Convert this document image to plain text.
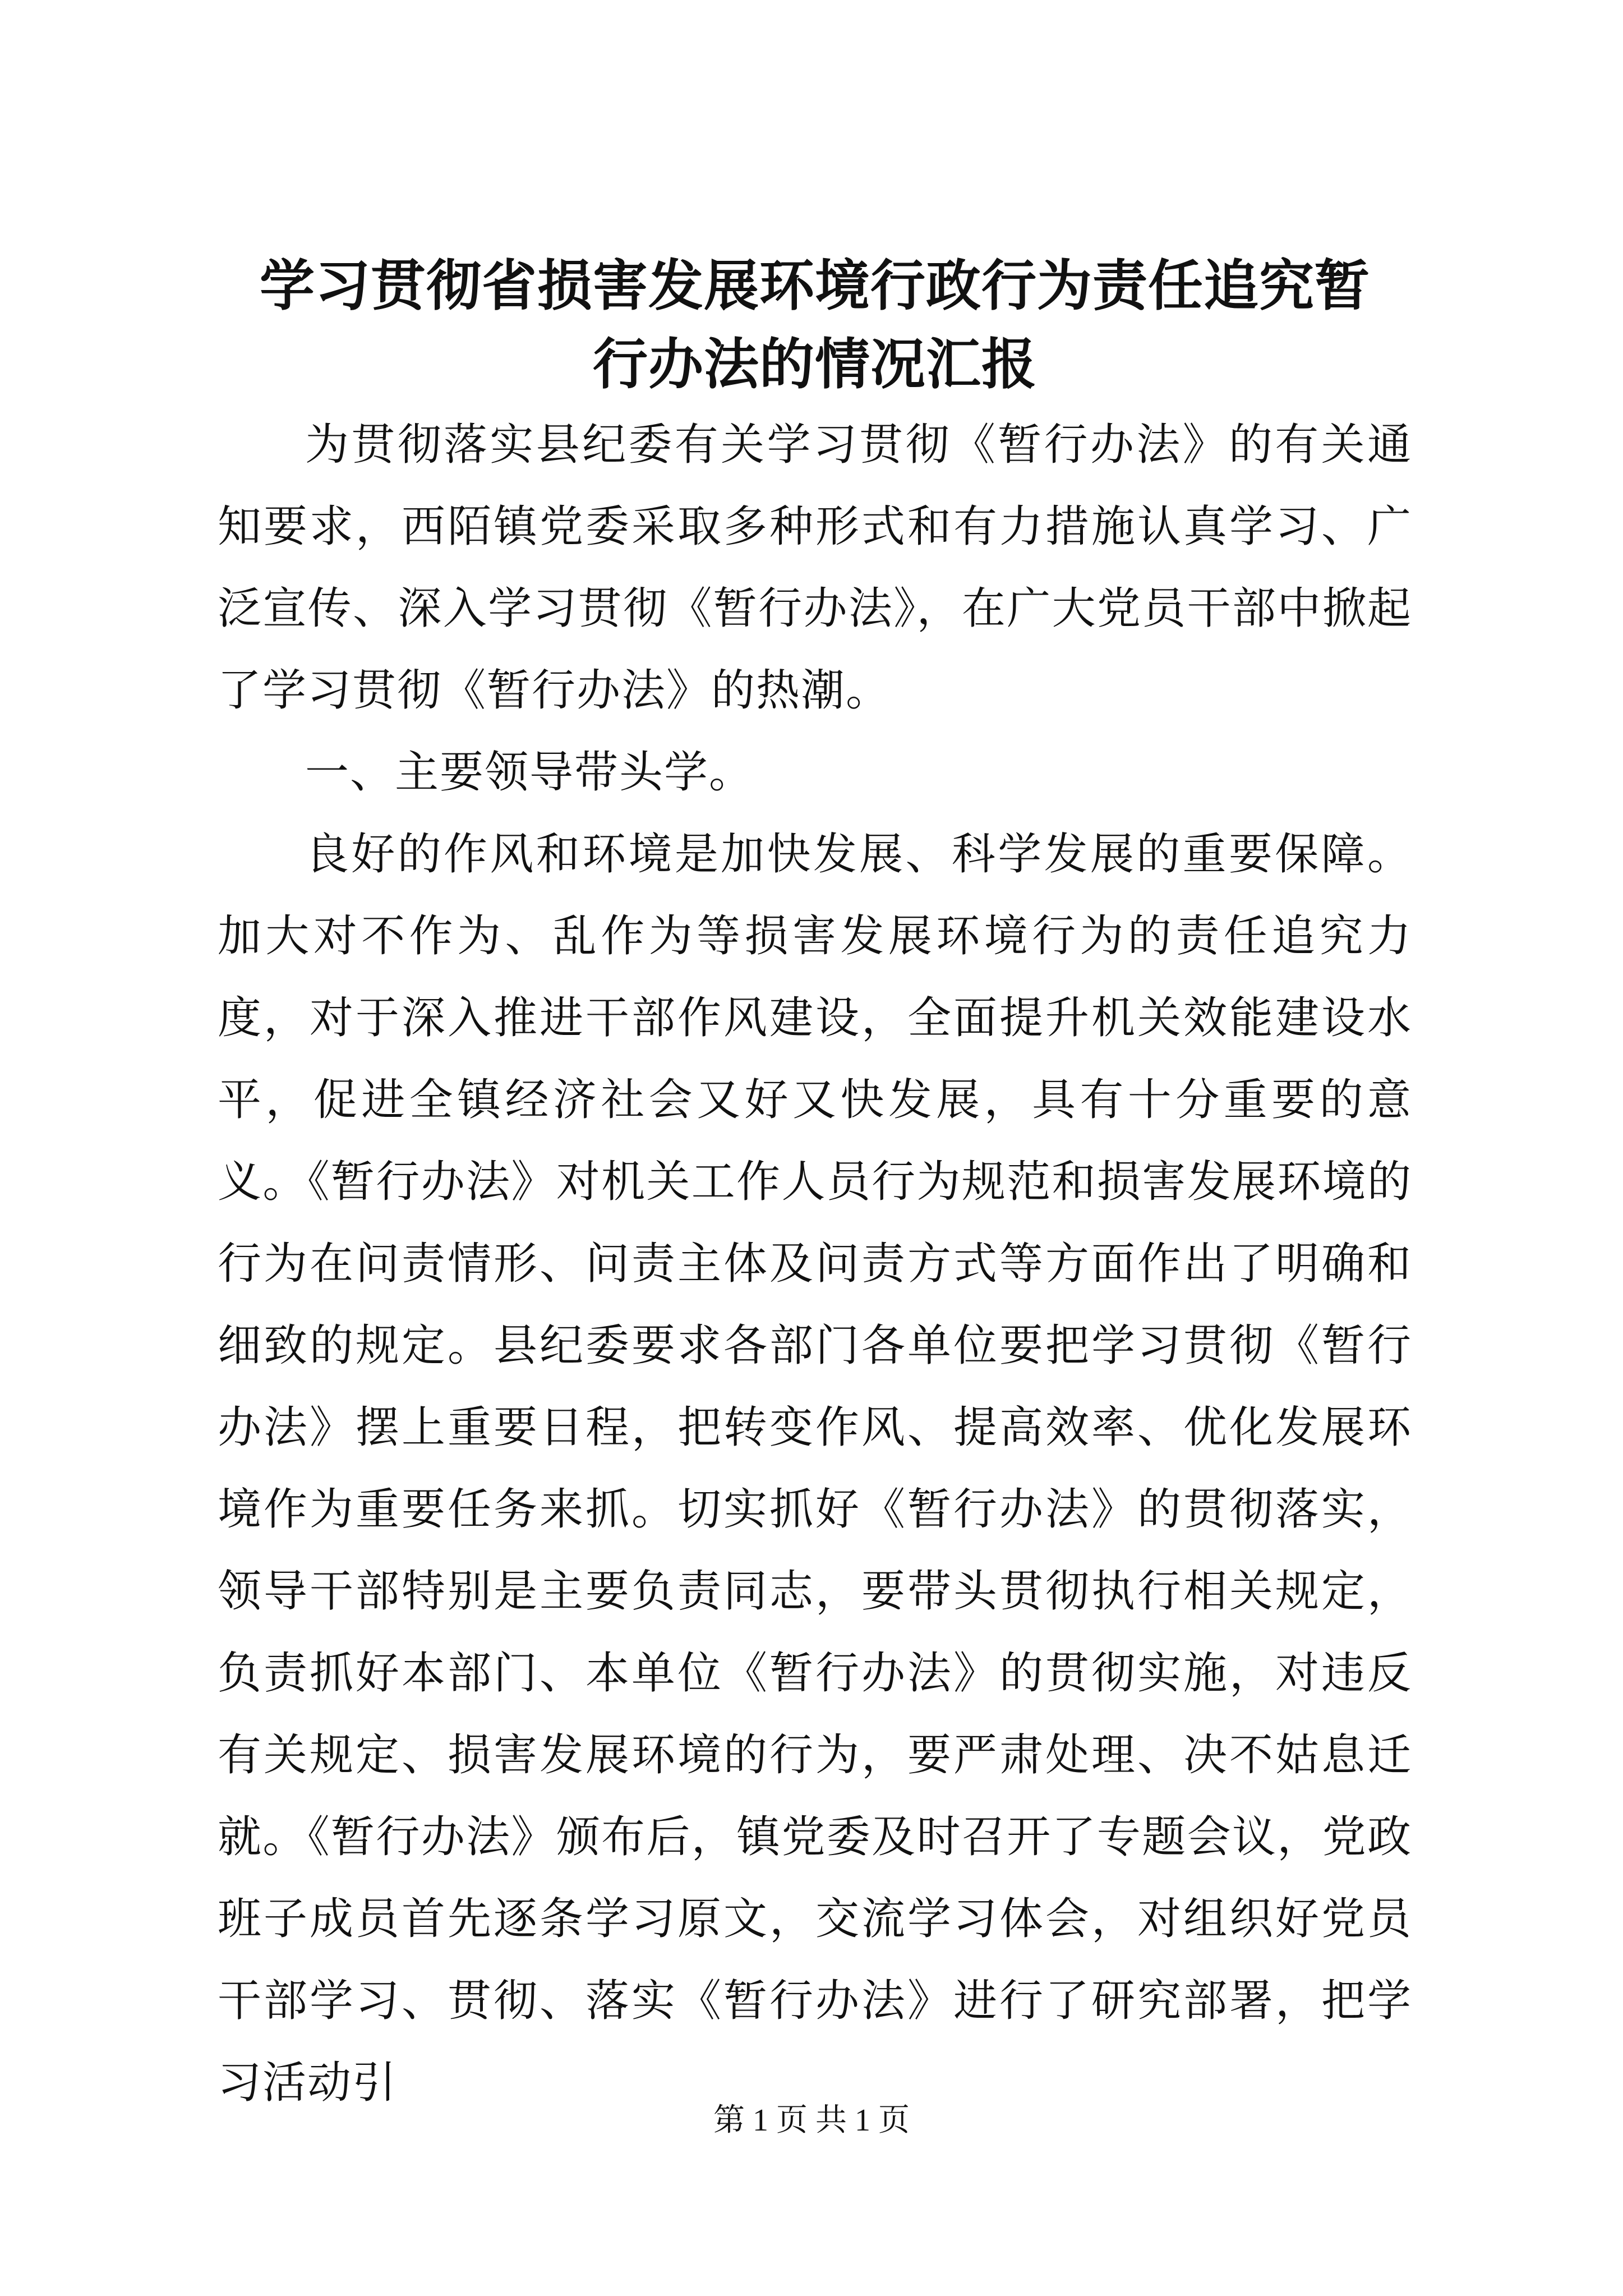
学习贯彻省损害发展环境行政行为责任追究暂
行办法的情况汇报

为贯彻落实县纪委有关学习贯彻《暂行办法》的有关通知要求，西陌镇党委采取多种形式和有力措施认真学习、广泛宣传、深入学习贯彻《暂行办法》，在广大党员干部中掀起了学习贯彻《暂行办法》的热潮。

一、主要领导带头学。

良好的作风和环境是加快发展、科学发展的重要保障。加大对不作为、乱作为等损害发展环境行为的责任追究力度，对于深入推进干部作风建设，全面提升机关效能建设水平，促进全镇经济社会又好又快发展，具有十分重要的意义。《暂行办法》对机关工作人员行为规范和损害发展环境的行为在问责情形、问责主体及问责方式等方面作出了明确和细致的规定。县纪委要求各部门各单位要把学习贯彻《暂行办法》摆上重要日程，把转变作风、提高效率、优化发展环境作为重要任务来抓。切实抓好《暂行办法》的贯彻落实，领导干部特别是主要负责同志，要带头贯彻执行相关规定，负责抓好本部门、本单位《暂行办法》的贯彻实施，对违反有关规定、损害发展环境的行为，要严肃处理、决不姑息迁就。《暂行办法》颁布后，镇党委及时召开了专题会议，党政班子成员首先逐条学习原文，交流学习体会，对组织好党员干部学习、贯彻、落实《暂行办法》进行了研究部署，把学习活动引

第 1 页 共 1 页
